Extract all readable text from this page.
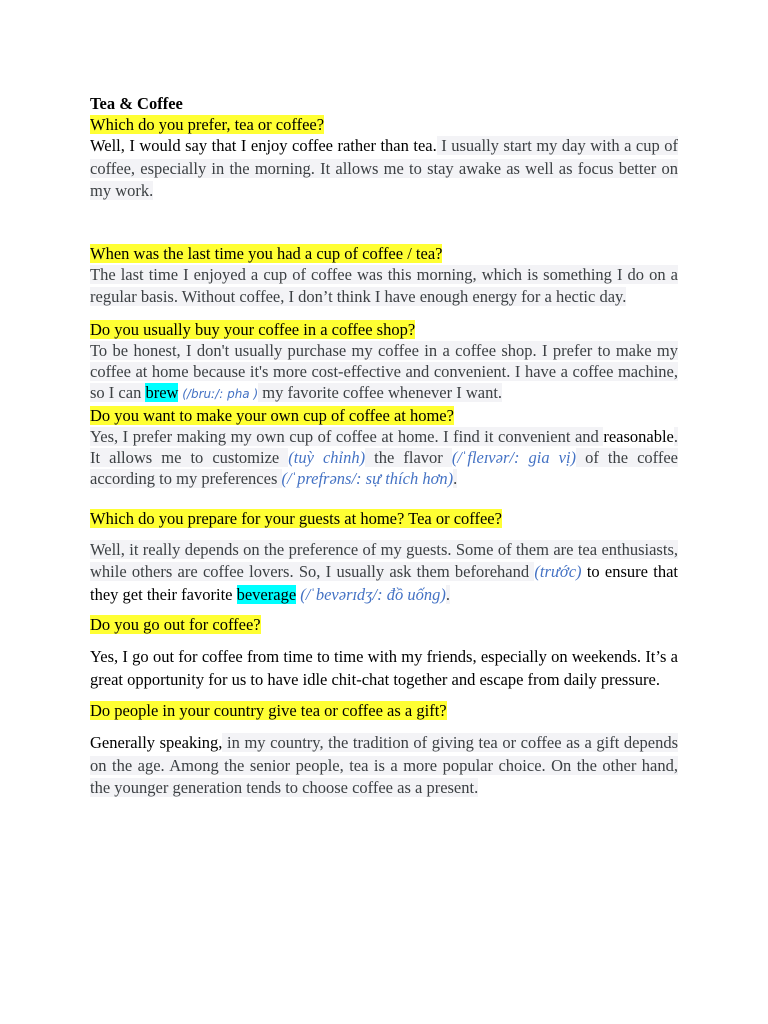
Tea & Coffee
Which do you prefer, tea or coffee?

Well, I would say that I enjoy coffee rather than tea. I usually start my day with a cup of coffee, especially in the morning. It allows me to stay awake as well as focus better on my work.

When was the last time you had a cup of coffee / tea?

The last time I enjoyed a cup of coffee was this morning, which is something I do on a regular basis. Without coffee, I don’t think I have enough energy for a hectic day.

Do you usually buy your coffee in a coffee shop?

To be honest, I don't usually purchase my coffee in a coffee shop. I prefer to make my coffee at home because it's more cost-effective and convenient. I have a coffee machine, so I can brew (/bruː/: pha ) my favorite coffee whenever I want.

Do you want to make your own cup of coffee at home?

Yes, I prefer making my own cup of coffee at home. I find it convenient and reasonable. It allows me to customize (tuỳ chỉnh) the flavor (/ˈfleɪvər/: gia vị) of the coffee according to my preferences (/ˈprefrəns/: sự thích hơn).

Which do you prepare for your guests at home? Tea or coffee?

Well, it really depends on the preference of my guests. Some of them are tea enthusiasts, while others are coffee lovers. So, I usually ask them beforehand (trước) to ensure that they get their favorite beverage (/ˈbevərɪdʒ/: đồ uống).

Do you go out for coffee?

Yes, I go out for coffee from time to time with my friends, especially on weekends. It’s a great opportunity for us to have idle chit-chat together and escape from daily pressure.

Do people in your country give tea or coffee as a gift?

Generally speaking, in my country, the tradition of giving tea or coffee as a gift depends on the age. Among the senior people, tea is a more popular choice. On the other hand, the younger generation tends to choose coffee as a present.
